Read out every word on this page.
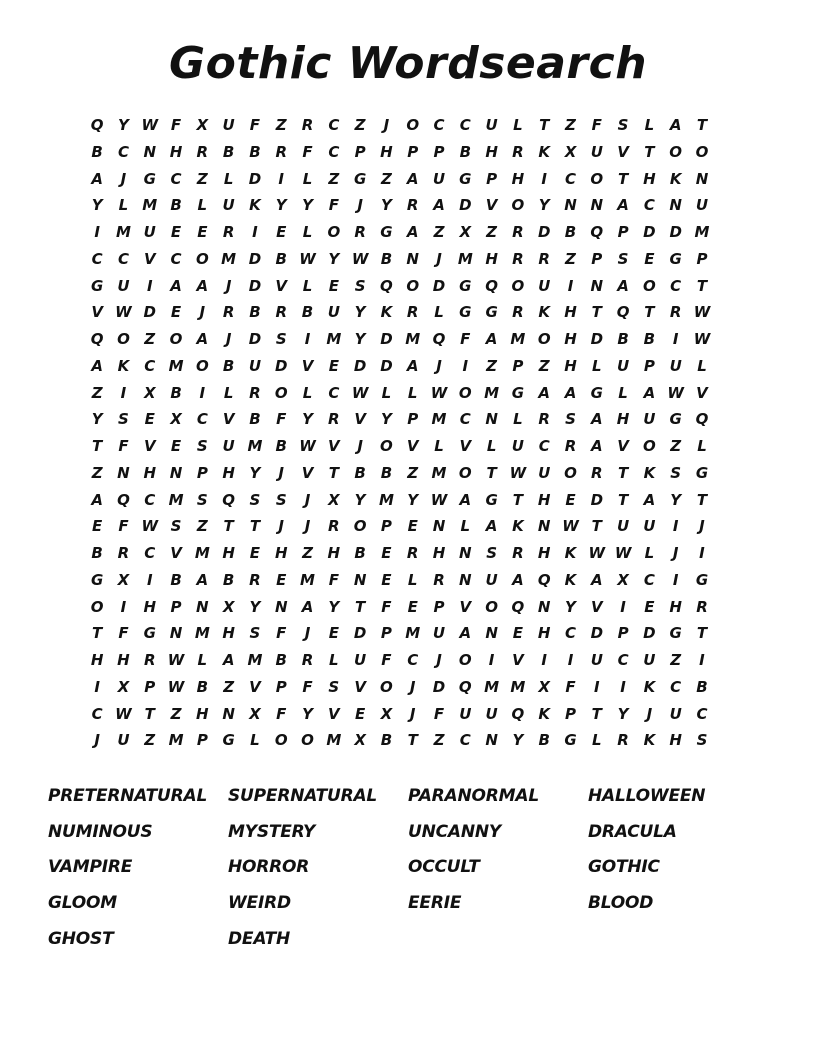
Gothic Wordsearch
Q Y W F	X U	F	Z	R	C	Z	J	O C	C U	L	T	Z	F	S	L	A	T
B	C N H R B B R	F	C	P H P	P	B H R K X U V	T O O
A	J	G C	Z	L	D	I	L	Z G Z	A U G P H	I	C O T H K N
Y	L M B	L	U K	Y	Y	F	J	Y	R A D V O Y N N A C N U
I	M U	E	E	R	I	E	L	O R G A	Z	X	Z	R D B Q P D D M
C	C V C O M D B W Y W B N	J	M H R R	Z	P	S	E	G P
G U	I	A A	J	D V	L	E	S Q O D G Q O U	I	N A O C	T
V W D E	J	R B R B U Y	K R	L	G G R K H T Q T	R W
Q O Z O A	J	D S	I	M Y D M Q F	A M O H D B B	I	W
A K C M O B U D V	E D D A	J	I	Z	P	Z H	L	U P U	L
Z	I	X B	I	L	R O	L	C W L	L W O M G A A G	L	A W V
Y	S	E	X	C V B	F	Y	R V	Y	P M C N	L	R	S	A H U G Q
T	F	V	E	S U M B W V	J	O V	L	V	L	U C	R A V O Z	L
Z N H N P H Y	J	V	T	B B	Z M O T W U O R	T	K	S G
A Q C M S Q S	S	J	X	Y M Y W A G	T H E D T	A	Y	T
E	F W S	Z	T	T	J	J	R O P	E N	L	A K N W T	U U	I	J
B R	C V M H E H Z H B	E	R H N S	R H K W W L	J	I
G X	I	B A B R	E M F N E	L	R N U A Q K A X	C	I	G
O	I	H P N X	Y N A	Y	T	F	E	P	V O Q N Y	V	I	E H R
T	F	G N M H S	F	J	E D P M U A N E H C D P D G	T
H H R W L	A M B R	L	U	F	C	J	O	I	V	I	I	U C U Z	I
I	X	P W B	Z	V P	F	S	V O	J	D Q M M X	F	I	I	K C	B
C W T	Z H N X	F	Y	V	E	X	J	F	U U Q K P	T	Y	J	U C
J	U Z M P G	L	O O M X B	T	Z	C N Y	B G	L	R K H S
PRETERNATURAL	SUPERNATURAL	PARANORMAL	HALLOWEEN
NUMINOUS	MYSTERY	UNCANNY	DRACULA
VAMPIRE	HORROR	OCCULT	GOTHIC
GLOOM	WEIRD	EERIE	BLOOD
GHOST	DEATH
